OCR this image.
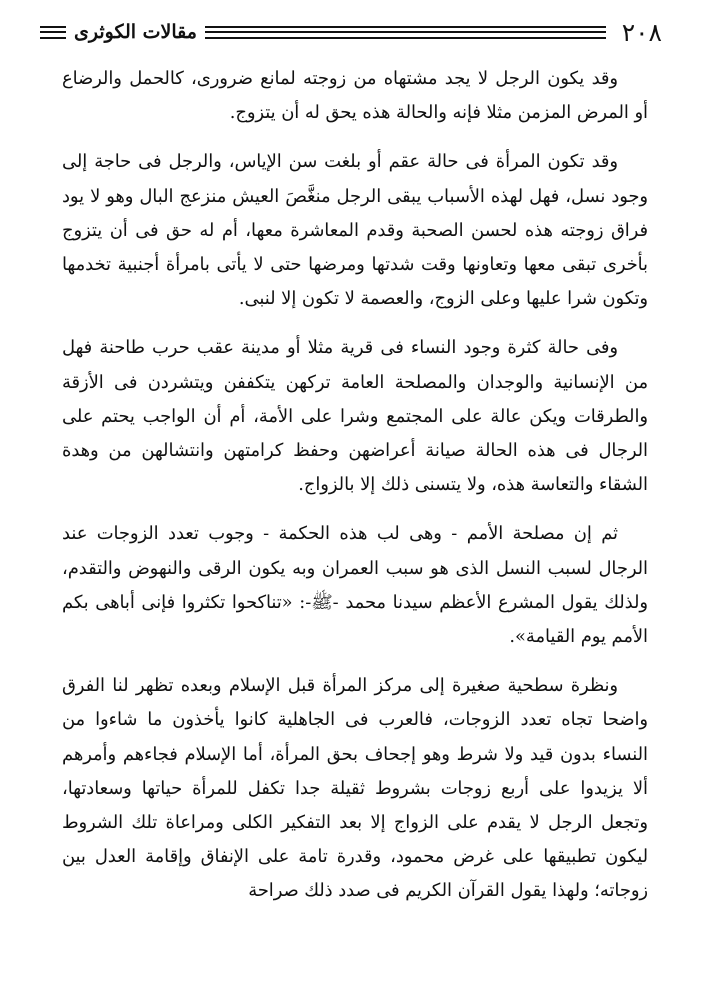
٢٠٨
مقالات الكوثرى

وقد يكون الرجل لا يجد مشتهاه من زوجته لمانع ضرورى، كالحمل والرضاع أو المرض المزمن مثلا فإنه والحالة هذه يحق له أن يتزوج.

وقد تكون المرأة فى حالة عقم أو بلغت سن الإياس، والرجل فى حاجة إلى وجود نسل، فهل لهذه الأسباب يبقى الرجل منغَّصَ العيش منزعج البال وهو لا يود فراق زوجته هذه لحسن الصحبة وقدم المعاشرة معها، أم له حق فى أن يتزوج بأخرى تبقى معها وتعاونها وقت شدتها ومرضها حتى لا يأتى بامرأة أجنبية تخدمها وتكون شرا عليها وعلى الزوج، والعصمة لا تكون إلا لنبى.

وفى حالة كثرة وجود النساء فى قرية مثلا أو مدينة عقب حرب طاحنة فهل من الإنسانية والوجدان والمصلحة العامة تركهن يتكففن ويتشردن فى الأزقة والطرقات ويكن عالة على المجتمع وشرا على الأمة، أم أن الواجب يحتم على الرجال فى هذه الحالة صيانة أعراضهن وحفظ كرامتهن وانتشالهن من وهدة الشقاء والتعاسة هذه، ولا يتسنى ذلك إلا بالزواج.

ثم إن مصلحة الأمم - وهى لب هذه الحكمة - وجوب تعدد الزوجات عند الرجال لسبب النسل الذى هو سبب العمران وبه يكون الرقى والنهوض والتقدم، ولذلك يقول المشرع الأعظم سيدنا محمد -ﷺ-: «تناكحوا تكثروا فإنى أباهى بكم الأمم يوم القيامة».

ونظرة سطحية صغيرة إلى مركز المرأة قبل الإسلام وبعده تظهر لنا الفرق واضحا تجاه تعدد الزوجات، فالعرب فى الجاهلية كانوا يأخذون ما شاءوا من النساء بدون قيد ولا شرط وهو إجحاف بحق المرأة، أما الإسلام فجاءهم وأمرهم ألا يزيدوا على أربع زوجات بشروط ثقيلة جدا تكفل للمرأة حياتها وسعادتها، وتجعل الرجل لا يقدم على الزواج إلا بعد التفكير الكلى ومراعاة تلك الشروط ليكون تطبيقها على غرض محمود، وقدرة تامة على الإنفاق وإقامة العدل بين زوجاته؛ ولهذا يقول القرآن الكريم فى صدد ذلك صراحة
